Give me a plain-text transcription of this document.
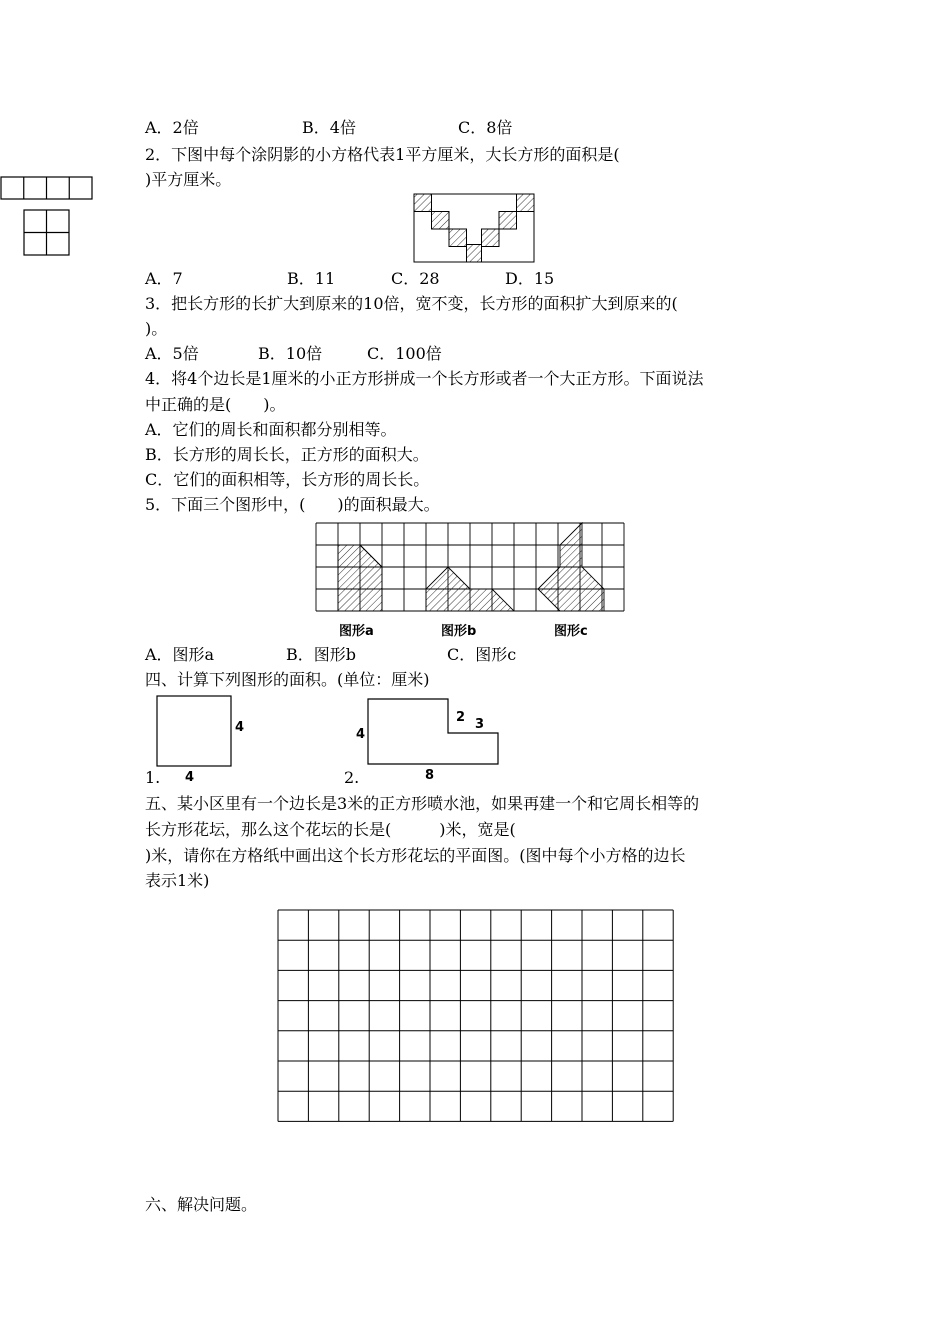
A．2倍	B．4倍	C．8倍
2．下图中每个涂阴影的小方格代表1平方厘米，大长方形的面积是(
)平方厘米。
A．7	B．11	C．28	D．15
3．把长方形的长扩大到原来的10倍，宽不变，长方形的面积扩大到原来的(
)。
A．5倍	B．10倍	C．100倍
4．将4个边长是1厘米的小正方形拼成一个长方形或者一个大正方形。下面说法
中正确的是(　　)。
A．它们的周长和面积都分别相等。
B．长方形的周长长，正方形的面积大。
C．它们的面积相等，长方形的周长长。
5．下面三个图形中，(　　)的面积最大。
图形a	图形b	图形c
A．图形a	B．图形b	C．图形c
四、计算下列图形的面积。(单位：厘米)
4
1. 4
4
2 3
2.	8
五、某小区里有一个边长是3米的正方形喷水池，如果再建一个和它周长相等的
长方形花坛，那么这个花坛的长是(　　　)米，宽是(
)米，请你在方格纸中画出这个长方形花坛的平面图。(图中每个小方格的边长
表示1米)
六、解决问题。
